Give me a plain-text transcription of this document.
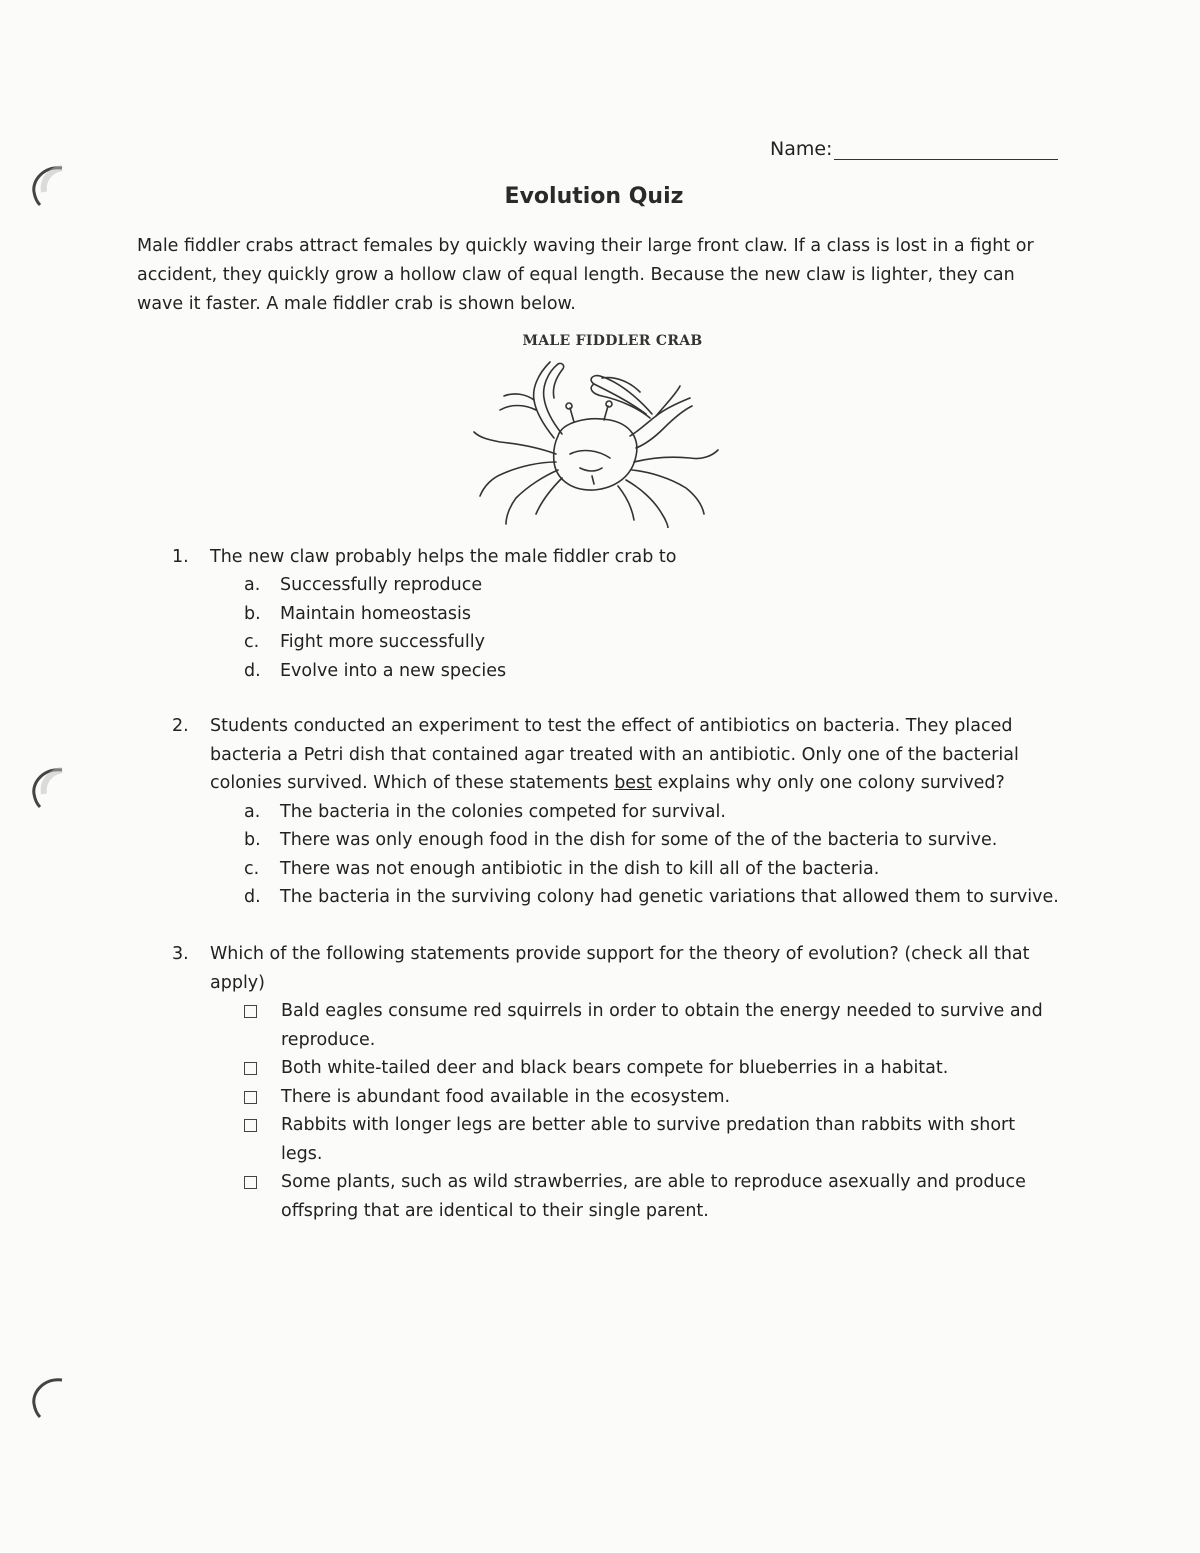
Name:
Evolution Quiz
Male fiddler crabs attract females by quickly waving their large front claw. If a class is lost in a fight or accident, they quickly grow a hollow claw of equal length. Because the new claw is lighter, they can wave it faster. A male fiddler crab is shown below.
MALE FIDDLER CRAB
1.	The new claw probably helps the male fiddler crab to
a. Successfully reproduce
b. Maintain homeostasis
c. Fight more successfully
d. Evolve into a new species
2.	Students conducted an experiment to test the effect of antibiotics on bacteria. They placed
bacteria a Petri dish that contained agar treated with an antibiotic. Only one of the bacterial
colonies survived. Which of these statements best explains why only one colony survived?
a. The bacteria in the colonies competed for survival.
b. There was only enough food in the dish for some of the of the bacteria to survive.
c. There was not enough antibiotic in the dish to kill all of the bacteria.
d. The bacteria in the surviving colony had genetic variations that allowed them to survive.
3.	Which of the following statements provide support for the theory of evolution? (check all that
apply)
Bald eagles consume red squirrels in order to obtain the energy needed to survive and
reproduce.
Both white-tailed deer and black bears compete for blueberries in a habitat.
There is abundant food available in the ecosystem.
Rabbits with longer legs are better able to survive predation than rabbits with short
legs.
Some plants, such as wild strawberries, are able to reproduce asexually and produce
offspring that are identical to their single parent.
